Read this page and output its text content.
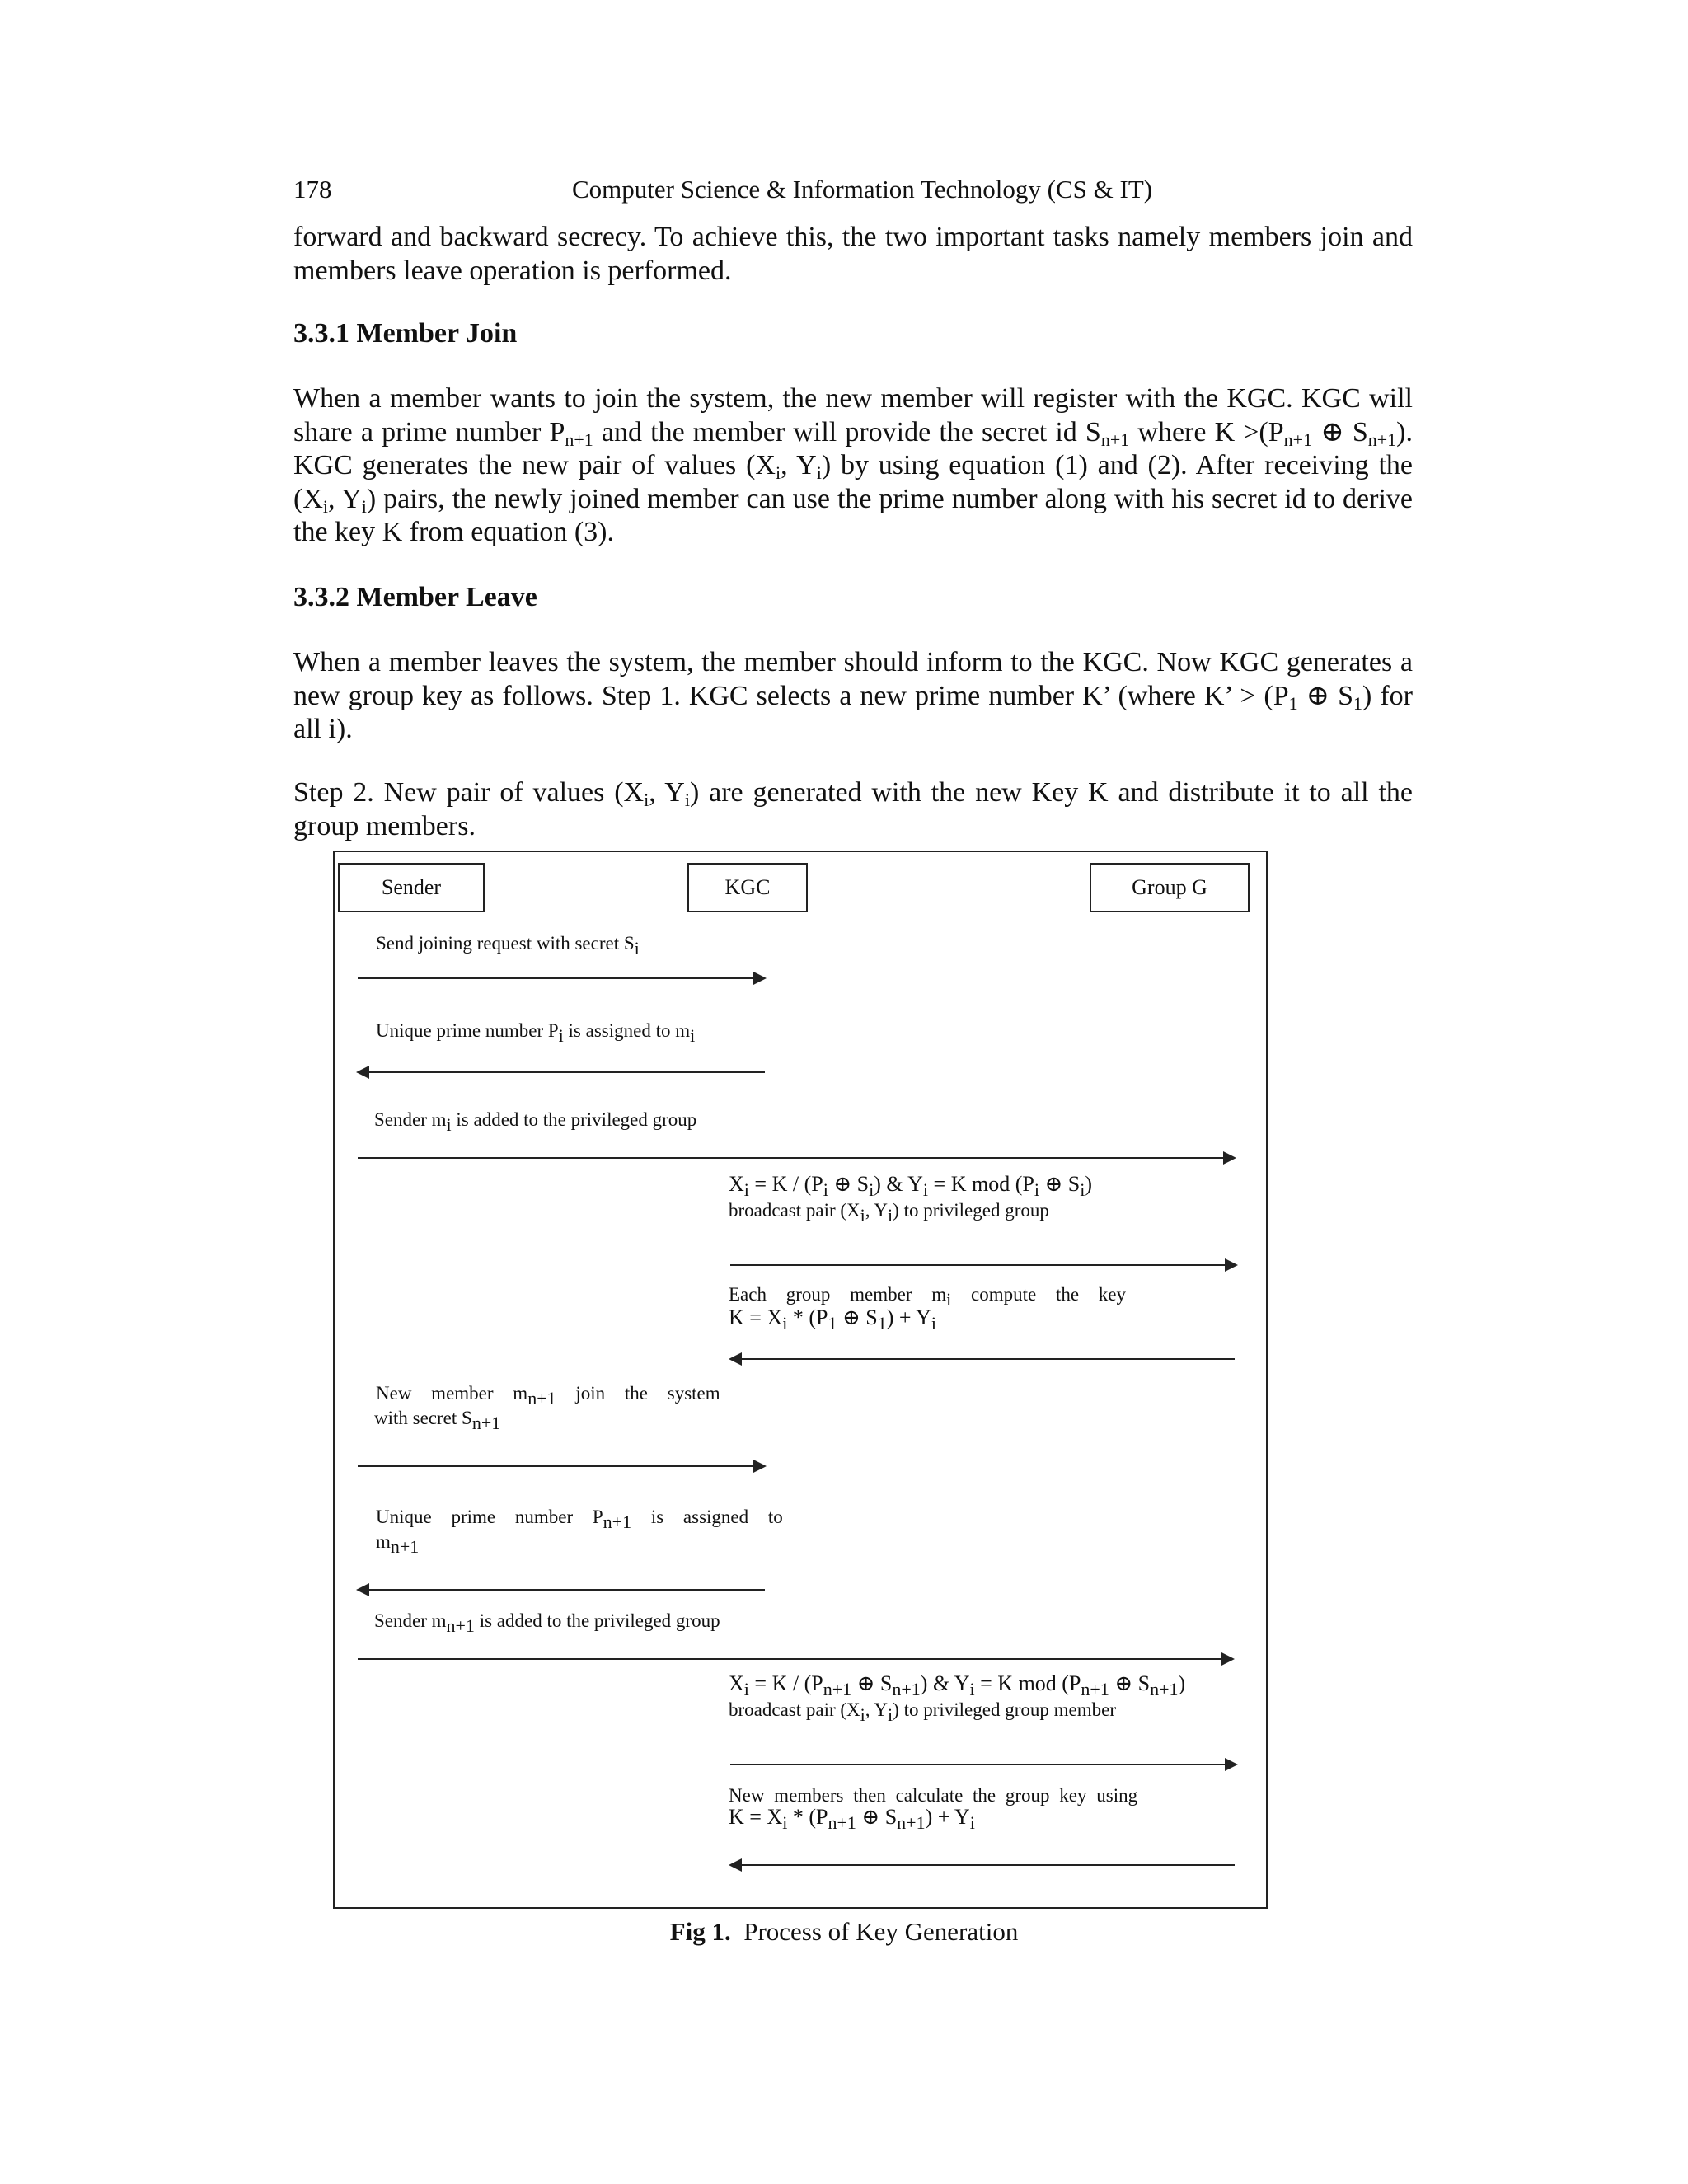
178	Computer Science & Information Technology (CS & IT)

forward and backward secrecy. To achieve this, the two important tasks namely members join and members leave operation is performed.

3.3.1 Member Join

When a member wants to join the system, the new member will register with the KGC. KGC will share a prime number $P_{n+1}$ and the member will provide the secret id $S_{n+1}$ where $K >(P_{n+1}$ ⊕ $S_{n+1}$). KGC generates the new pair of values ($X_i$, $Y_i$) by using equation (1) and (2). After receiving the ($X_i$, $Y_i$) pairs, the newly joined member can use the prime number along with his secret id to derive the key K from equation (3).

3.3.2 Member Leave

When a member leaves the system, the member should inform to the KGC. Now KGC generates a new group key as follows. Step 1. KGC selects a new prime number K’ (where K’ > ($P_1$ ⊕ $S_1$) for all i).

Step 2. New pair of values ($X_i$, $Y_i$) are generated with the new Key K and distribute it to all the group members.

Sender	KGC	Group G
Send joining request with secret $S_i$
Unique prime number $P_i$ is assigned to $m_i$
Sender $m_i$ is added to the privileged group
$X_i = K / (P_i$ ⊕ $S_i$) & $Y_i = K$ mod ($P_i$ ⊕ $S_i$)
broadcast pair ($X_i$, $Y_i$) to privileged group
Each group member $m_i$ compute the key
$K = X_i * (P_1$ ⊕ $S_1) + Y_i$
New member $m_{n+1}$ join the system
with secret $S_{n+1}$
Unique prime number $P_{n+1}$ is assigned to
$m_{n+1}$
Sender $m_{n+1}$ is added to the privileged group
$X_i = K / (P_{n+1}$ ⊕ $S_{n+1}$) & $Y_i = K$ mod ($P_{n+1}$ ⊕ $S_{n+1}$)
broadcast pair ($X_i$, $Y_i$) to privileged group member
New members then calculate the group key using
$K = X_i * (P_{n+1}$ ⊕ $S_{n+1}) + Y_i$
Fig 1. Process of Key Generation
